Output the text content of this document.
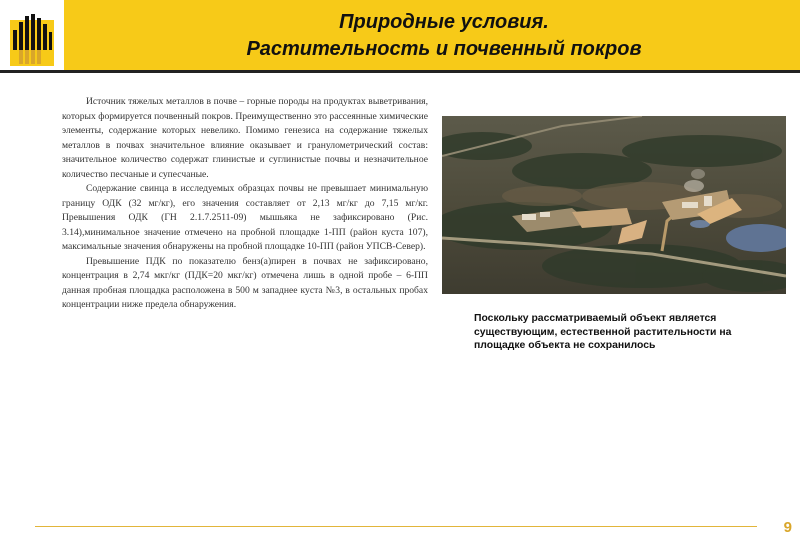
Природные условия.
Растительность и почвенный покров

Источник тяжелых металлов в почве – горные породы на продуктах выветривания, которых формируется почвенный покров. Преимущественно это рассеянные химические элементы, содержание которых невелико. Помимо генезиса на содержание тяжелых металлов в почвах значительное влияние оказывает и гранулометрический состав: значительное количество содержат глинистые и суглинистые почвы и незначительное количество песчаные и супесчаные.

Содержание свинца в исследуемых образцах почвы не превышает минимальную границу ОДК (32 мг/кг), его значения составляет от 2,13 мг/кг до 7,15 мг/кг. Превышения ОДК (ГН 2.1.7.2511-09) мышьяка не зафиксировано (Рис. 3.14),минимальное значение отмечено на пробной площадке 1-ПП (район куста 107), максимальные значения обнаружены на пробной площадке 10-ПП (район УПСВ-Север).

Превышение ПДК по показателю бенз(а)пирен в почвах не зафиксировано, концентрация в 2,74 мкг/кг (ПДК=20 мкг/кг) отмечена лишь в одной пробе – 6-ПП данная пробная площадка расположена в 500 м западнее куста №3, в остальных пробах концентрации ниже предела обнаружения.

Поскольку рассматриваемый объект является существующим, естественной растительности на площадке объекта не сохранилось
9
